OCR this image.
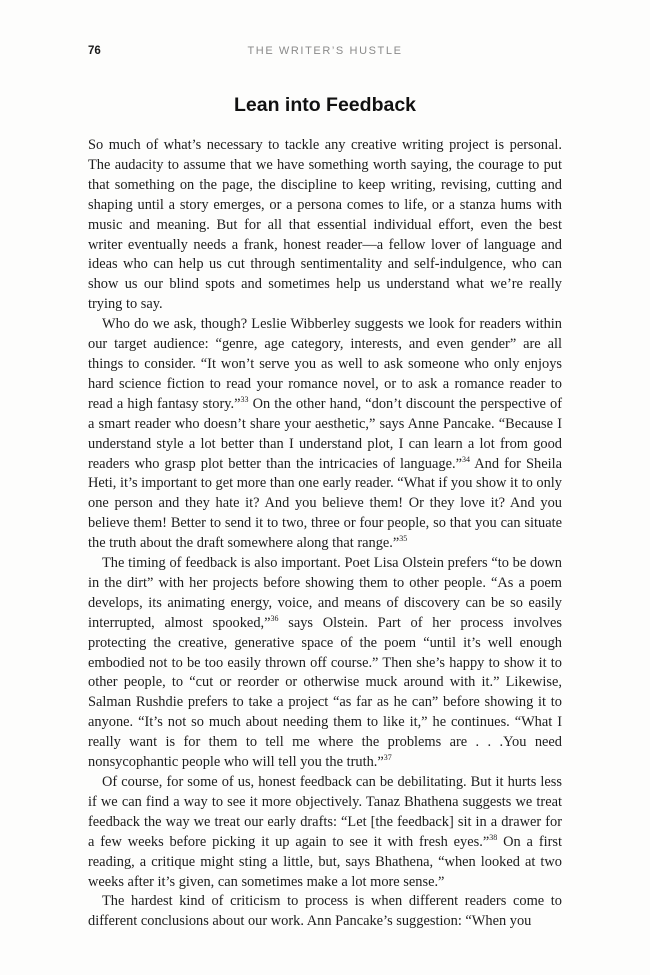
76	THE WRITER’S HUSTLE
Lean into Feedback

So much of what’s necessary to tackle any creative writing project is personal. The audacity to assume that we have something worth saying, the courage to put that something on the page, the discipline to keep writing, revising, cutting and shaping until a story emerges, or a persona comes to life, or a stanza hums with music and meaning. But for all that essential individual effort, even the best writer eventually needs a frank, honest reader—a fellow lover of language and ideas who can help us cut through sentimentality and self-indulgence, who can show us our blind spots and sometimes help us understand what we’re really trying to say.

Who do we ask, though? Leslie Wibberley suggests we look for readers within our target audience: “genre, age category, interests, and even gender” are all things to consider. “It won’t serve you as well to ask someone who only enjoys hard science fiction to read your romance novel, or to ask a romance reader to read a high fantasy story.”$^{33}$ On the other hand, “don’t discount the perspective of a smart reader who doesn’t share your aesthetic,” says Anne Pancake. “Because I understand style a lot better than I understand plot, I can learn a lot from good readers who grasp plot better than the intricacies of language.”$^{34}$ And for Sheila Heti, it’s important to get more than one early reader. “What if you show it to only one person and they hate it? And you believe them! Or they love it? And you believe them! Better to send it to two, three or four people, so that you can situate the truth about the draft somewhere along that range.”$^{35}$

The timing of feedback is also important. Poet Lisa Olstein prefers “to be down in the dirt” with her projects before showing them to other people. “As a poem develops, its animating energy, voice, and means of discovery can be so easily interrupted, almost spooked,”$^{36}$ says Olstein. Part of her process involves protecting the creative, generative space of the poem “until it’s well enough embodied not to be too easily thrown off course.” Then she’s happy to show it to other people, to “cut or reorder or otherwise muck around with it.” Likewise, Salman Rushdie prefers to take a project “as far as he can” before showing it to anyone. “It’s not so much about needing them to like it,” he continues. “What I really want is for them to tell me where the problems are . . .You need nonsycophantic people who will tell you the truth.”$^{37}$

Of course, for some of us, honest feedback can be debilitating. But it hurts less if we can find a way to see it more objectively. Tanaz Bhathena suggests we treat feedback the way we treat our early drafts: “Let [the feedback] sit in a drawer for a few weeks before picking it up again to see it with fresh eyes.”$^{38}$ On a first reading, a critique might sting a little, but, says Bhathena, “when looked at two weeks after it’s given, can sometimes make a lot more sense.”

The hardest kind of criticism to process is when different readers come to different conclusions about our work. Ann Pancake’s suggestion: “When you
